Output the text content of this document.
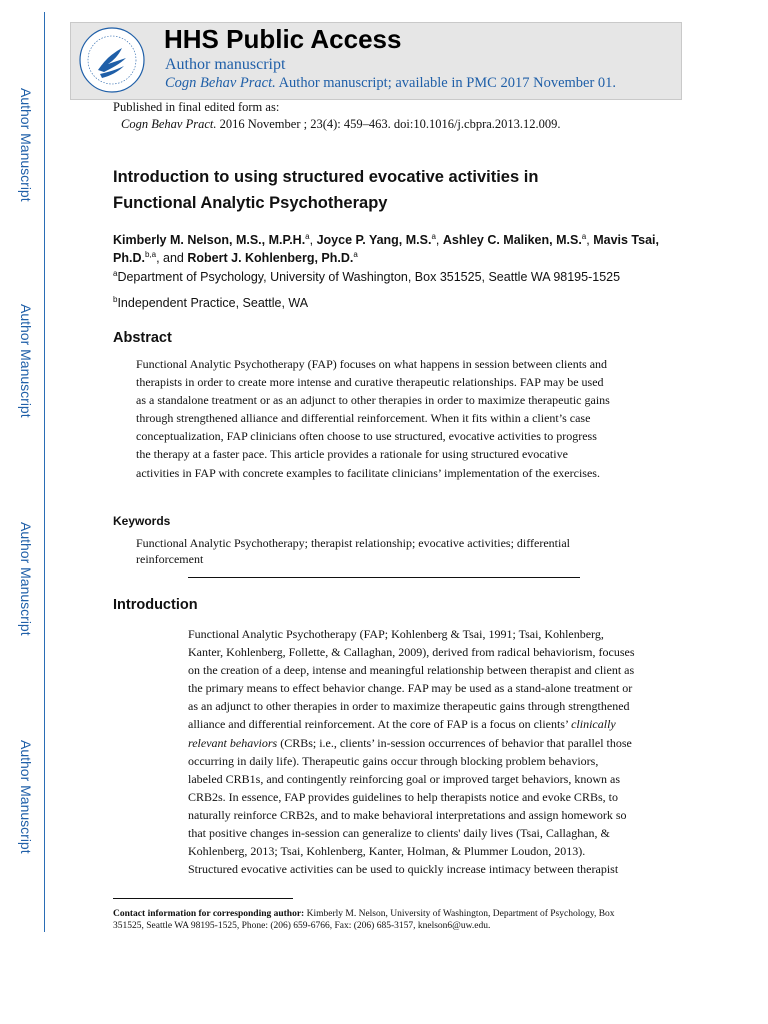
Author Manuscript
Author Manuscript
Author Manuscript
Author Manuscript
HHS Public Access
Author manuscript
Cogn Behav Pract. Author manuscript; available in PMC 2017 November 01.
Published in final edited form as:
Cogn Behav Pract. 2016 November ; 23(4): 459–463. doi:10.1016/j.cbpra.2013.12.009.
Introduction to using structured evocative activities in
Functional Analytic Psychotherapy
Kimberly M. Nelson, M.S., M.P.H.$^a$, Joyce P. Yang, M.S.$^a$, Ashley C. Maliken, M.S.$^a$, Mavis Tsai, Ph.D.$^{b,a}$, and Robert J. Kohlenberg, Ph.D.$^a$
$^a$Department of Psychology, University of Washington, Box 351525, Seattle WA 98195-1525
$^b$Independent Practice, Seattle, WA
Abstract
Functional Analytic Psychotherapy (FAP) focuses on what happens in session between clients and
therapists in order to create more intense and curative therapeutic relationships. FAP may be used
as a standalone treatment or as an adjunct to other therapies in order to maximize therapeutic gains
through strengthened alliance and differential reinforcement. When it fits within a client’s case
conceptualization, FAP clinicians often choose to use structured, evocative activities to progress
the therapy at a faster pace. This article provides a rationale for using structured evocative
activities in FAP with concrete examples to facilitate clinicians’ implementation of the exercises.
Keywords
Functional Analytic Psychotherapy; therapist relationship; evocative activities; differential
reinforcement
Introduction
Functional Analytic Psychotherapy (FAP; Kohlenberg & Tsai, 1991; Tsai, Kohlenberg,
Kanter, Kohlenberg, Follette, & Callaghan, 2009), derived from radical behaviorism, focuses
on the creation of a deep, intense and meaningful relationship between therapist and client as
the primary means to effect behavior change. FAP may be used as a stand-alone treatment or
as an adjunct to other therapies in order to maximize therapeutic gains through strengthened
alliance and differential reinforcement. At the core of FAP is a focus on clients’ clinically
relevant behaviors (CRBs; i.e., clients’ in-session occurrences of behavior that parallel those
occurring in daily life). Therapeutic gains occur through blocking problem behaviors,
labeled CRB1s, and contingently reinforcing goal or improved target behaviors, known as
CRB2s. In essence, FAP provides guidelines to help therapists notice and evoke CRBs, to
naturally reinforce CRB2s, and to make behavioral interpretations and assign homework so
that positive changes in-session can generalize to clients' daily lives (Tsai, Callaghan, &
Kohlenberg, 2013; Tsai, Kohlenberg, Kanter, Holman, & Plummer Loudon, 2013).
Structured evocative activities can be used to quickly increase intimacy between therapist
Contact information for corresponding author: Kimberly M. Nelson, University of Washington, Department of Psychology, Box
351525, Seattle WA 98195-1525, Phone: (206) 659-6766, Fax: (206) 685-3157, knelson6@uw.edu.
